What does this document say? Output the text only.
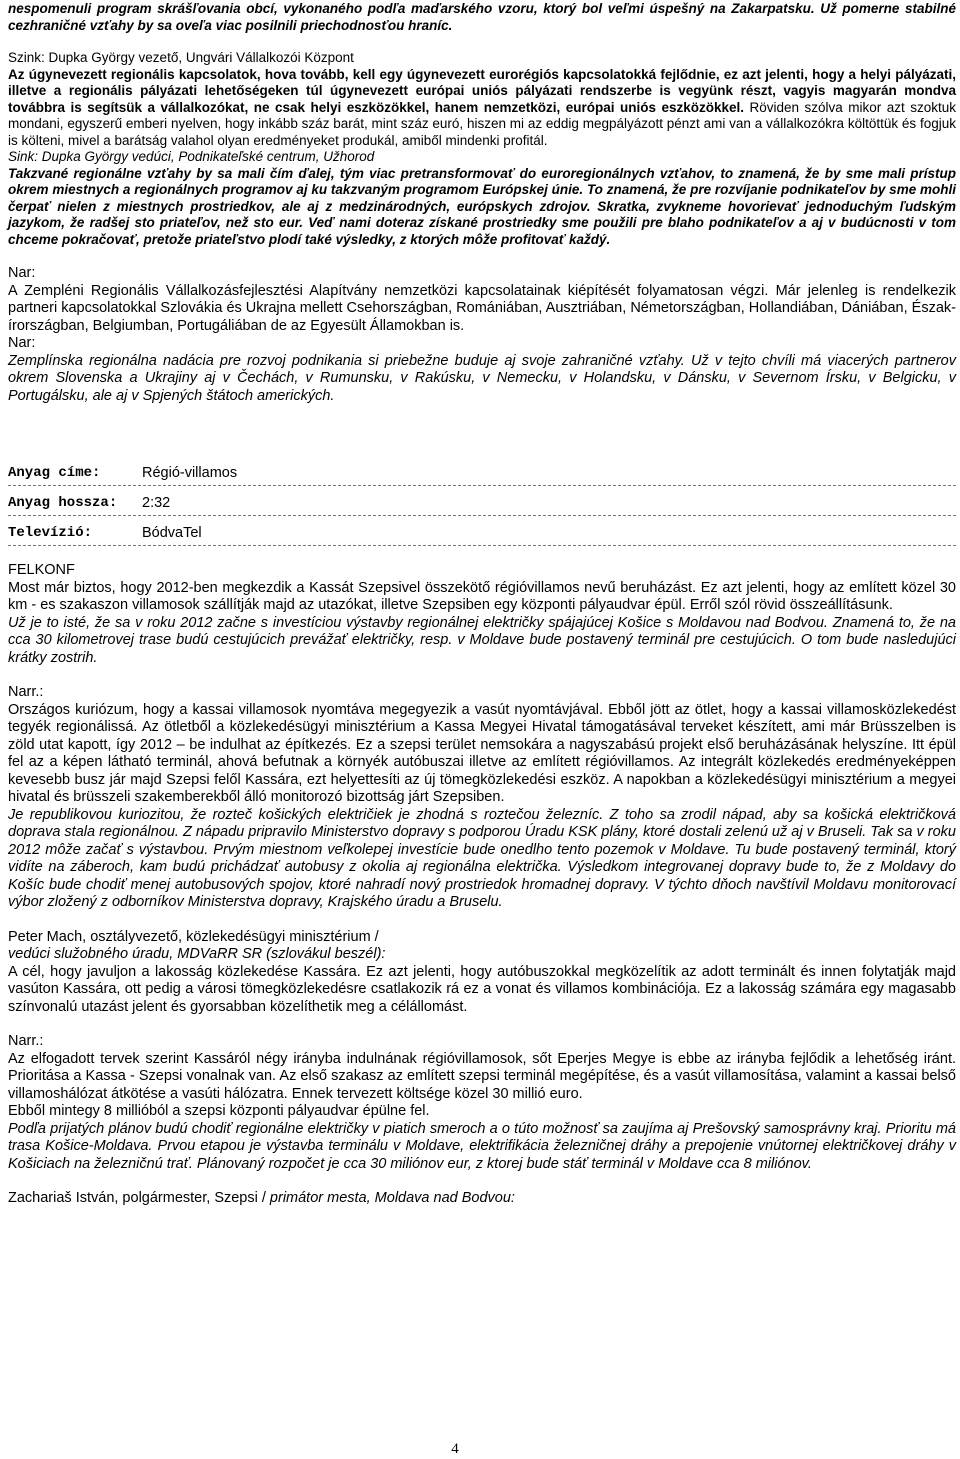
nespomenuli program skrášľovania obcí, vykonaného podľa maďarského vzoru, ktorý bol veľmi úspešný na Zakarpatsku. Už pomerne stabilné cezhraničné vzťahy by sa oveľa viac posilnili priechodnosťou hraníc.

Szink: Dupka György vezető, Ungvári Vállalkozói Központ

Az úgynevezett regionális kapcsolatok, hova tovább, kell egy úgynevezett eurorégiós kapcsolatokká fejlődnie, ez azt jelenti, hogy a helyi pályázati, illetve a regionális pályázati lehetőségeken túl úgynevezett európai uniós pályázati rendszerbe is vegyünk részt, vagyis magyarán mondva továbbra is segítsük a vállalkozókat, ne csak helyi eszközökkel, hanem nemzetközi, európai uniós eszközökkel. Röviden szólva mikor azt szoktuk mondani, egyszerű emberi nyelven, hogy inkább száz barát, mint száz euró, hiszen mi az eddig megpályázott pénzt ami van a vállalkozókra költöttük és fogjuk is költeni, mivel a barátság valahol olyan eredményeket produkál, amiből mindenki profitál.

Sink: Dupka György vedúci, Podnikateľské centrum, Užhorod

Takzvané regionálne vzťahy by sa mali čím ďalej, tým viac pretransformovať do euroregionálnych vzťahov, to znamená, že by sme mali prístup okrem miestnych a regionálnych programov aj ku takzvaným programom Európskej únie. To znamená, že pre rozvíjanie podnikateľov by sme mohli čerpať nielen z miestnych prostriedkov, ale aj z medzinárodných, európskych zdrojov. Skratka, zvykneme hovorievať jednoduchým ľudským jazykom, že radšej sto priateľov, než sto eur. Veď nami doteraz získané prostriedky sme použili pre blaho podnikateľov a aj v budúcnosti v tom chceme pokračovať, pretože priateľstvo plodí také výsledky, z ktorých môže profitovať každý.

Nar:

A Zempléni Regionális Vállalkozásfejlesztési Alapítvány nemzetközi kapcsolatainak kiépítését folyamatosan végzi. Már jelenleg is rendelkezik partneri kapcsolatokkal Szlovákia és Ukrajna mellett Csehországban, Romániában, Ausztriában, Németországban, Hollandiában, Dániában, Észak-írországban, Belgiumban, Portugáliában de az Egyesült Államokban is.

Nar:

Zemplínska regionálna nadácia pre rozvoj podnikania si priebežne buduje aj svoje zahraničné vzťahy. Už v tejto chvíli má viacerých partnerov okrem Slovenska a Ukrajiny aj v Čechách, v Rumunsku, v Rakúsku, v Nemecku, v Holandsku, v Dánsku, v Severnom Írsku, v Belgicku, v Portugálsku, ale aj v Spjených štátoch amerických.

Anyag címe:	Régió-villamos
Anyag hossza: 2:32
Televízió:	BódvaTel

FELKONF

Most már biztos, hogy 2012-ben megkezdik a Kassát Szepsivel összekötő régióvillamos nevű beruházást. Ez azt jelenti, hogy az említett közel 30 km - es szakaszon villamosok szállítják majd az utazókat, illetve Szepsiben egy központi pályaudvar épül. Erről szól rövid összeállításunk.

Už je to isté, že sa v roku 2012 začne s investíciou výstavby regionálnej električky spájajúcej Košice s Moldavou nad Bodvou. Znamená to, že na cca 30 kilometrovej trase budú cestujúcich prevážať električky, resp. v Moldave bude postavený terminál pre cestujúcich. O tom bude nasledujúci krátky zostrih.

Narr.:

Országos kuriózum, hogy a kassai villamosok nyomtáva megegyezik a vasút nyomtávjával. Ebből jött az ötlet, hogy a kassai villamosközlekedést tegyék regionálissá. Az ötletből a közlekedésügyi minisztérium a Kassa Megyei Hivatal támogatásával terveket készített, ami már Brüsszelben is zöld utat kapott, így 2012 – be indulhat az építkezés. Ez a szepsi terület nemsokára a nagyszabású projekt első beruházásának helyszíne. Itt épül fel az a képen látható terminál, ahová befutnak a környék autóbuszai illetve az említett régióvillamos. Az integrált közlekedés eredményeképpen kevesebb busz jár majd Szepsi felől Kassára, ezt helyettesíti az új tömegközlekedési eszköz. A napokban a közlekedésügyi minisztérium a megyei hivatal és brüsszeli szakemberekből álló monitorozó bizottság járt Szepsiben.

Je republikovou kuriozitou, že rozteč košických električiek je zhodná s roztečou železníc. Z toho sa zrodil nápad, aby sa košická električková doprava stala regionálnou. Z nápadu pripravilo Ministerstvo dopravy s podporou Úradu KSK plány, ktoré dostali zelenú už aj v Bruseli. Tak sa v roku 2012 môže začať s výstavbou. Prvým miestnom veľkolepej investície bude onedlho tento pozemok v Moldave. Tu bude postavený terminál, ktorý vidíte na záberoch, kam budú prichádzať autobusy z okolia aj regionálna električka. Výsledkom integrovanej dopravy bude to, že z Moldavy do Košíc bude chodiť menej autobusových spojov, ktoré nahradí nový prostriedok hromadnej dopravy. V týchto dňoch navštívil Moldavu monitorovací výbor zložený z odborníkov Ministerstva dopravy, Krajského úradu a Bruselu.

Peter Mach, osztályvezető, közlekedésügyi minisztérium /

vedúci služobného úradu, MDVaRR SR (szlovákul beszél):

A cél, hogy javuljon a lakosság közlekedése Kassára. Ez azt jelenti, hogy autóbuszokkal megközelítik az adott terminált és innen folytatják majd vasúton Kassára, ott pedig a városi tömegközlekedésre csatlakozik rá ez a vonat és villamos kombinációja. Ez a lakosság számára egy magasabb színvonalú utazást jelent és gyorsabban közelíthetik meg a célállomást.

Narr.:

Az elfogadott tervek szerint Kassáról négy irányba indulnának régióvillamosok, sőt Eperjes Megye is ebbe az irányba fejlődik a lehetőség iránt. Prioritása a Kassa - Szepsi vonalnak van. Az első szakasz az említett szepsi terminál megépítése, és a vasút villamosítása, valamint a kassai belső villamoshálózat átkötése a vasúti hálózatra. Ennek tervezett költsége közel 30 millió euro.

Ebből mintegy 8 millióból a szepsi központi pályaudvar épülne fel.

Podľa prijatých plánov budú chodiť regionálne električky v piatich smeroch a o túto možnosť sa zaujíma aj Prešovský samosprávny kraj. Prioritu má trasa Košice-Moldava. Prvou etapou je výstavba terminálu v Moldave, elektrifikácia železničnej dráhy a prepojenie vnútornej električkovej dráhy v Košiciach na železničnú trať. Plánovaný rozpočet je cca 30 miliónov eur, z ktorej bude stáť terminál v Moldave cca 8 miliónov.

Zachariaš István, polgármester, Szepsi / primátor mesta, Moldava nad Bodvou:

4
